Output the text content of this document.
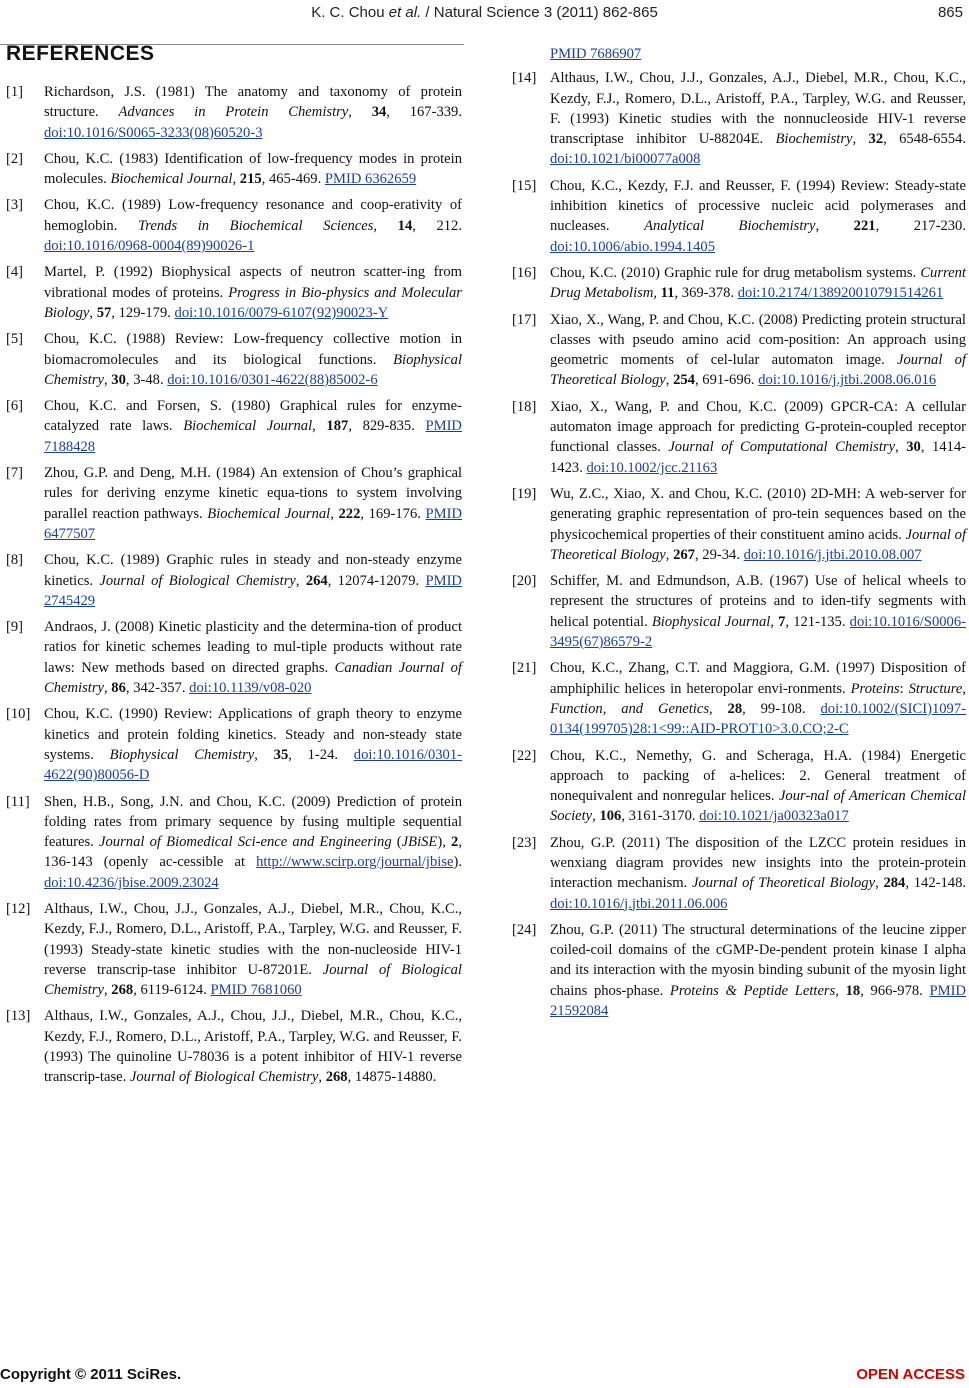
K. C. Chou et al. / Natural Science 3 (2011) 862-865	865
REFERENCES
[1] Richardson, J.S. (1981) The anatomy and taxonomy of protein structure. Advances in Protein Chemistry, 34, 167-339. doi:10.1016/S0065-3233(08)60520-3
[2] Chou, K.C. (1983) Identification of low-frequency modes in protein molecules. Biochemical Journal, 215, 465-469. PMID 6362659
[3] Chou, K.C. (1989) Low-frequency resonance and coop-erativity of hemoglobin. Trends in Biochemical Sciences, 14, 212. doi:10.1016/0968-0004(89)90026-1
[4] Martel, P. (1992) Biophysical aspects of neutron scatter-ing from vibrational modes of proteins. Progress in Bio-physics and Molecular Biology, 57, 129-179. doi:10.1016/0079-6107(92)90023-Y
[5] Chou, K.C. (1988) Review: Low-frequency collective motion in biomacromolecules and its biological functions. Biophysical Chemistry, 30, 3-48. doi:10.1016/0301-4622(88)85002-6
[6] Chou, K.C. and Forsen, S. (1980) Graphical rules for enzyme-catalyzed rate laws. Biochemical Journal, 187, 829-835. PMID 7188428
[7] Zhou, G.P. and Deng, M.H. (1984) An extension of Chou’s graphical rules for deriving enzyme kinetic equa-tions to system involving parallel reaction pathways. Biochemical Journal, 222, 169-176. PMID 6477507
[8] Chou, K.C. (1989) Graphic rules in steady and non-steady enzyme kinetics. Journal of Biological Chemistry, 264, 12074-12079. PMID 2745429
[9] Andraos, J. (2008) Kinetic plasticity and the determina-tion of product ratios for kinetic schemes leading to mul-tiple products without rate laws: New methods based on directed graphs. Canadian Journal of Chemistry, 86, 342-357. doi:10.1139/v08-020
[10] Chou, K.C. (1990) Review: Applications of graph theory to enzyme kinetics and protein folding kinetics. Steady and non-steady state systems. Biophysical Chemistry, 35, 1-24. doi:10.1016/0301-4622(90)80056-D
[11] Shen, H.B., Song, J.N. and Chou, K.C. (2009) Prediction of protein folding rates from primary sequence by fusing multiple sequential features. Journal of Biomedical Sci-ence and Engineering (JBiSE), 2, 136-143 (openly ac-cessible at http://www.scirp.org/journal/jbise). doi:10.4236/jbise.2009.23024
[12] Althaus, I.W., Chou, J.J., Gonzales, A.J., Diebel, M.R., Chou, K.C., Kezdy, F.J., Romero, D.L., Aristoff, P.A., Tarpley, W.G. and Reusser, F. (1993) Steady-state kinetic studies with the non-nucleoside HIV-1 reverse transcrip-tase inhibitor U-87201E. Journal of Biological Chemistry, 268, 6119-6124. PMID 7681060
[13] Althaus, I.W., Gonzales, A.J., Chou, J.J., Diebel, M.R., Chou, K.C., Kezdy, F.J., Romero, D.L., Aristoff, P.A., Tarpley, W.G. and Reusser, F. (1993) The quinoline U-78036 is a potent inhibitor of HIV-1 reverse transcrip-tase. Journal of Biological Chemistry, 268, 14875-14880.
PMID 7686907
[14] Althaus, I.W., Chou, J.J., Gonzales, A.J., Diebel, M.R., Chou, K.C., Kezdy, F.J., Romero, D.L., Aristoff, P.A., Tarpley, W.G. and Reusser, F. (1993) Kinetic studies with the nonnucleoside HIV-1 reverse transcriptase inhibitor U-88204E. Biochemistry, 32, 6548-6554. doi:10.1021/bi00077a008
[15] Chou, K.C., Kezdy, F.J. and Reusser, F. (1994) Review: Steady-state inhibition kinetics of processive nucleic acid polymerases and nucleases. Analytical Biochemistry, 221, 217-230. doi:10.1006/abio.1994.1405
[16] Chou, K.C. (2010) Graphic rule for drug metabolism systems. Current Drug Metabolism, 11, 369-378. doi:10.2174/138920010791514261
[17] Xiao, X., Wang, P. and Chou, K.C. (2008) Predicting protein structural classes with pseudo amino acid com-position: An approach using geometric moments of cel-lular automaton image. Journal of Theoretical Biology, 254, 691-696. doi:10.1016/j.jtbi.2008.06.016
[18] Xiao, X., Wang, P. and Chou, K.C. (2009) GPCR-CA: A cellular automaton image approach for predicting G-protein-coupled receptor functional classes. Journal of Computational Chemistry, 30, 1414-1423. doi:10.1002/jcc.21163
[19] Wu, Z.C., Xiao, X. and Chou, K.C. (2010) 2D-MH: A web-server for generating graphic representation of pro-tein sequences based on the physicochemical properties of their constituent amino acids. Journal of Theoretical Biology, 267, 29-34. doi:10.1016/j.jtbi.2010.08.007
[20] Schiffer, M. and Edmundson, A.B. (1967) Use of helical wheels to represent the structures of proteins and to iden-tify segments with helical potential. Biophysical Journal, 7, 121-135. doi:10.1016/S0006-3495(67)86579-2
[21] Chou, K.C., Zhang, C.T. and Maggiora, G.M. (1997) Disposition of amphiphilic helices in heteropolar envi-ronments. Proteins: Structure, Function, and Genetics, 28, 99-108. doi:10.1002/(SICI)1097-0134(199705)28:1<99::AID-PROT10>3.0.CO;2-C
[22] Chou, K.C., Nemethy, G. and Scheraga, H.A. (1984) Energetic approach to packing of a-helices: 2. General treatment of nonequivalent and nonregular helices. Jour-nal of American Chemical Society, 106, 3161-3170. doi:10.1021/ja00323a017
[23] Zhou, G.P. (2011) The disposition of the LZCC protein residues in wenxiang diagram provides new insights into the protein-protein interaction mechanism. Journal of Theoretical Biology, 284, 142-148. doi:10.1016/j.jtbi.2011.06.006
[24] Zhou, G.P. (2011) The structural determinations of the leucine zipper coiled-coil domains of the cGMP-De-pendent protein kinase I alpha and its interaction with the myosin binding subunit of the myosin light chains phos-phase. Proteins & Peptide Letters, 18, 966-978. PMID 21592084
Copyright © 2011 SciRes.	OPEN ACCESS
